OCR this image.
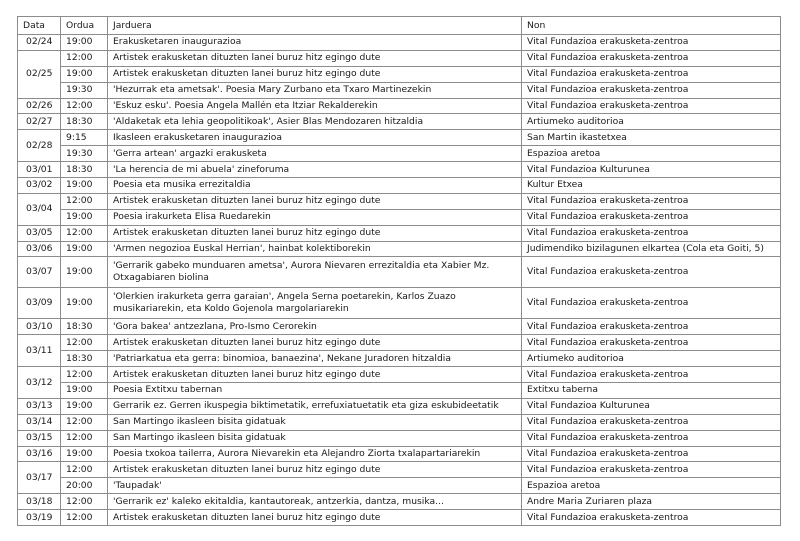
Data	Ordua	Jarduera	Non
02/24	19:00	Erakusketaren inaugurazioa	Vital Fundazioa erakusketa-zentroa
02/25	12:00	Artistek erakusketan dituzten lanei buruz hitz egingo dute	Vital Fundazioa erakusketa-zentroa
	19:00	Artistek erakusketan dituzten lanei buruz hitz egingo dute	Vital Fundazioa erakusketa-zentroa
	19:30	'Hezurrak eta ametsak'. Poesia Mary Zurbano eta Txaro Martinezekin	Vital Fundazioa erakusketa-zentroa
02/26	12:00	'Eskuz esku'. Poesia Angela Mallén eta Itziar Rekalderekin	Vital Fundazioa erakusketa-zentroa
02/27	18:30	'Aldaketak eta lehia geopolitikoak', Asier Blas Mendozaren hitzaldia	Artiumeko auditorioa
02/28	9:15	Ikasleen erakusketaren inaugurazioa	San Martin ikastetxea
	19:30	'Gerra artean' argazki erakusketa	Espazioa aretoa
03/01	18:30	'La herencia de mi abuela' zineforuma	Vital Fundazioa Kulturunea
03/02	19:00	Poesia eta musika errezitaldia	Kultur Etxea
03/04	12:00	Artistek erakusketan dituzten lanei buruz hitz egingo dute	Vital Fundazioa erakusketa-zentroa
	19:00	Poesia irakurketa Elisa Ruedarekin	Vital Fundazioa erakusketa-zentroa
03/05	12:00	Artistek erakusketan dituzten lanei buruz hitz egingo dute	Vital Fundazioa erakusketa-zentroa
03/06	19:00	'Armen negozioa Euskal Herrian', hainbat kolektiborekin	Judimendiko bizilagunen elkartea (Cola eta Goiti, 5)
03/07	19:00	'Gerrarik gabeko munduaren ametsa', Aurora Nievaren errezitaldia eta Xabier Mz. Otxagabiaren biolina	Vital Fundazioa erakusketa-zentroa
03/09	19:00	'Olerkien irakurketa gerra garaian', Angela Serna poetarekin, Karlos Zuazo musikariarekin, eta Koldo Gojenola margolariarekin	Vital Fundazioa erakusketa-zentroa
03/10	18:30	'Gora bakea' antzezlana, Pro-Ismo Cerorekin	Vital Fundazioa erakusketa-zentroa
03/11	12:00	Artistek erakusketan dituzten lanei buruz hitz egingo dute	Vital Fundazioa erakusketa-zentroa
	18:30	'Patriarkatua eta gerra: binomioa, banaezina', Nekane Juradoren hitzaldia	Artiumeko auditorioa
03/12	12:00	Artistek erakusketan dituzten lanei buruz hitz egingo dute	Vital Fundazioa erakusketa-zentroa
	19:00	Poesia Extitxu tabernan	Extitxu taberna
03/13	19:00	Gerrarik ez. Gerren ikuspegia biktimetatik, errefuxiatuetatik eta giza eskubideetatik	Vital Fundazioa Kulturunea
03/14	12:00	San Martingo ikasleen bisita gidatuak	Vital Fundazioa erakusketa-zentroa
03/15	12:00	San Martingo ikasleen bisita gidatuak	Vital Fundazioa erakusketa-zentroa
03/16	19:00	Poesia txokoa tailerra, Aurora Nievarekin eta Alejandro Ziorta txalapartariarekin	Vital Fundazioa erakusketa-zentroa
03/17	12:00	Artistek erakusketan dituzten lanei buruz hitz egingo dute	Vital Fundazioa erakusketa-zentroa
	20:00	'Taupadak'	Espazioa aretoa
03/18	12:00	'Gerrarik ez' kaleko ekitaldia, kantautoreak, antzerkia, dantza, musika...	Andre Maria Zuriaren plaza
03/19	12:00	Artistek erakusketan dituzten lanei buruz hitz egingo dute	Vital Fundazioa erakusketa-zentroa
